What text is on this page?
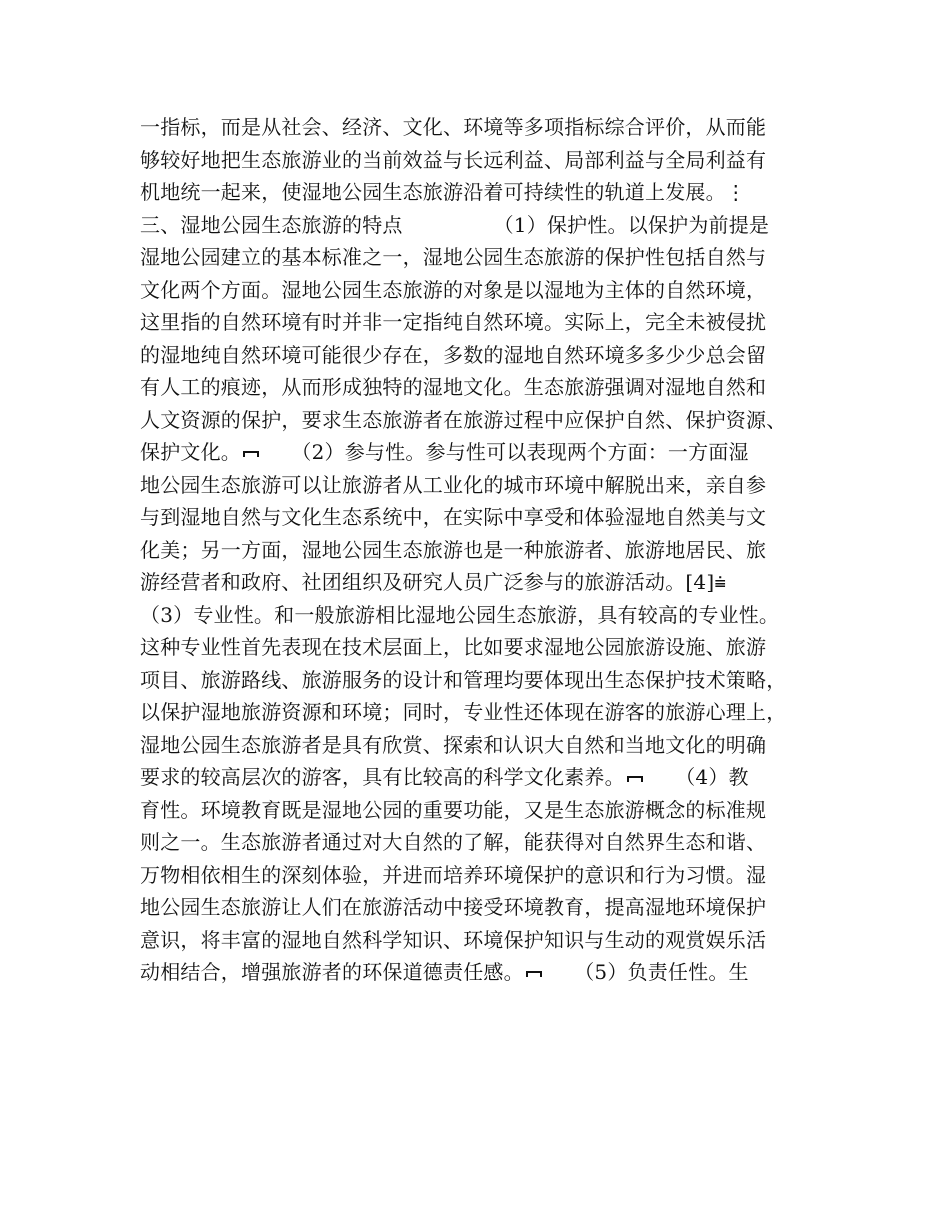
一指标，而是从社会、经济、文化、环境等多项指标综合评价，从而能
够较好地把生态旅游业的当前效益与长远利益、局部利益与全局利益有
机地统一起来，使湿地公园生态旅游沿着可持续性的轨道上发展。⋮
三、湿地公园生态旅游的特点　　　　　（1）保护性。以保护为前提是
湿地公园建立的基本标准之一，湿地公园生态旅游的保护性包括自然与
文化两个方面。湿地公园生态旅游的对象是以湿地为主体的自然环境，
这里指的自然环境有时并非一定指纯自然环境。实际上，完全未被侵扰
的湿地纯自然环境可能很少存在，多数的湿地自然环境多多少少总会留
有人工的痕迹，从而形成独特的湿地文化。生态旅游强调对湿地自然和
人文资源的保护，要求生态旅游者在旅游过程中应保护自然、保护资源、
保护文化。　　（2）参与性。参与性可以表现两个方面：一方面湿
地公园生态旅游可以让旅游者从工业化的城市环境中解脱出来，亲自参
与到湿地自然与文化生态系统中，在实际中享受和体验湿地自然美与文
化美；另一方面，湿地公园生态旅游也是一种旅游者、旅游地居民、旅
游经营者和政府、社团组织及研究人员广泛参与的旅游活动。[4]⩧
（3）专业性。和一般旅游相比湿地公园生态旅游，具有较高的专业性。
这种专业性首先表现在技术层面上，比如要求湿地公园旅游设施、旅游
项目、旅游路线、旅游服务的设计和管理均要体现出生态保护技术策略，
以保护湿地旅游资源和环境；同时，专业性还体现在游客的旅游心理上，
湿地公园生态旅游者是具有欣赏、探索和认识大自然和当地文化的明确
要求的较高层次的游客，具有比较高的科学文化素养。　　（4）教
育性。环境教育既是湿地公园的重要功能，又是生态旅游概念的标准规
则之一。生态旅游者通过对大自然的了解，能获得对自然界生态和谐、
万物相依相生的深刻体验，并进而培养环境保护的意识和行为习惯。湿
地公园生态旅游让人们在旅游活动中接受环境教育，提高湿地环境保护
意识，将丰富的湿地自然科学知识、环境保护知识与生动的观赏娱乐活
动相结合，增强旅游者的环保道德责任感。　　（5）负责任性。生
